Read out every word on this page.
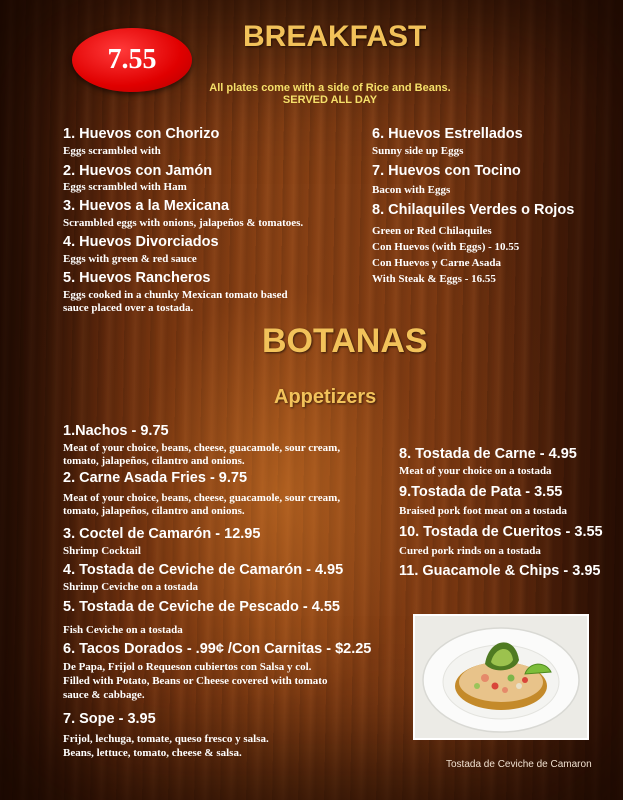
7.55
BREAKFAST
All plates come with a side of Rice and Beans.
SERVED ALL DAY
1. Huevos con Chorizo
Eggs scrambled with
2. Huevos con Jamón
Eggs scrambled with Ham
3. Huevos a la Mexicana
Scrambled eggs with onions, jalapeños & tomatoes.
4. Huevos Divorciados
Eggs with green & red sauce
5. Huevos Rancheros
Eggs cooked in a chunky Mexican tomato based
sauce placed over a tostada.
6. Huevos Estrellados
Sunny side up Eggs
7. Huevos con Tocino
Bacon with Eggs
8. Chilaquiles Verdes o Rojos
Green or Red Chilaquiles
Con Huevos (with Eggs) - 10.55
Con Huevos y Carne Asada
With Steak & Eggs - 16.55
BOTANAS
Appetizers
1.Nachos - 9.75
Meat of your choice, beans, cheese, guacamole, sour cream,
tomato, jalapeños, cilantro and onions.
2. Carne Asada Fries - 9.75
Meat of your choice, beans, cheese, guacamole, sour cream,
tomato, jalapeños, cilantro and onions.
3. Coctel de Camarón - 12.95
Shrimp Cocktail
4. Tostada de Ceviche de Camarón - 4.95
Shrimp Ceviche on a tostada
5. Tostada de Ceviche de Pescado - 4.55
Fish Ceviche on a tostada
6. Tacos Dorados - .99¢ /Con Carnitas - $2.25
De Papa, Frijol o Requeson cubiertos con Salsa y col.
Filled with Potato, Beans or Cheese covered with tomato
sauce & cabbage.
7. Sope - 3.95
Frijol, lechuga, tomate, queso fresco y salsa.
Beans, lettuce, tomato, cheese & salsa.
8. Tostada de Carne - 4.95
Meat of your choice on a tostada
9.Tostada de Pata - 3.55
Braised pork foot meat on a tostada
10. Tostada de Cueritos - 3.55
Cured pork rinds on a tostada
11. Guacamole & Chips - 3.95
Tostada de Ceviche de Camaron
